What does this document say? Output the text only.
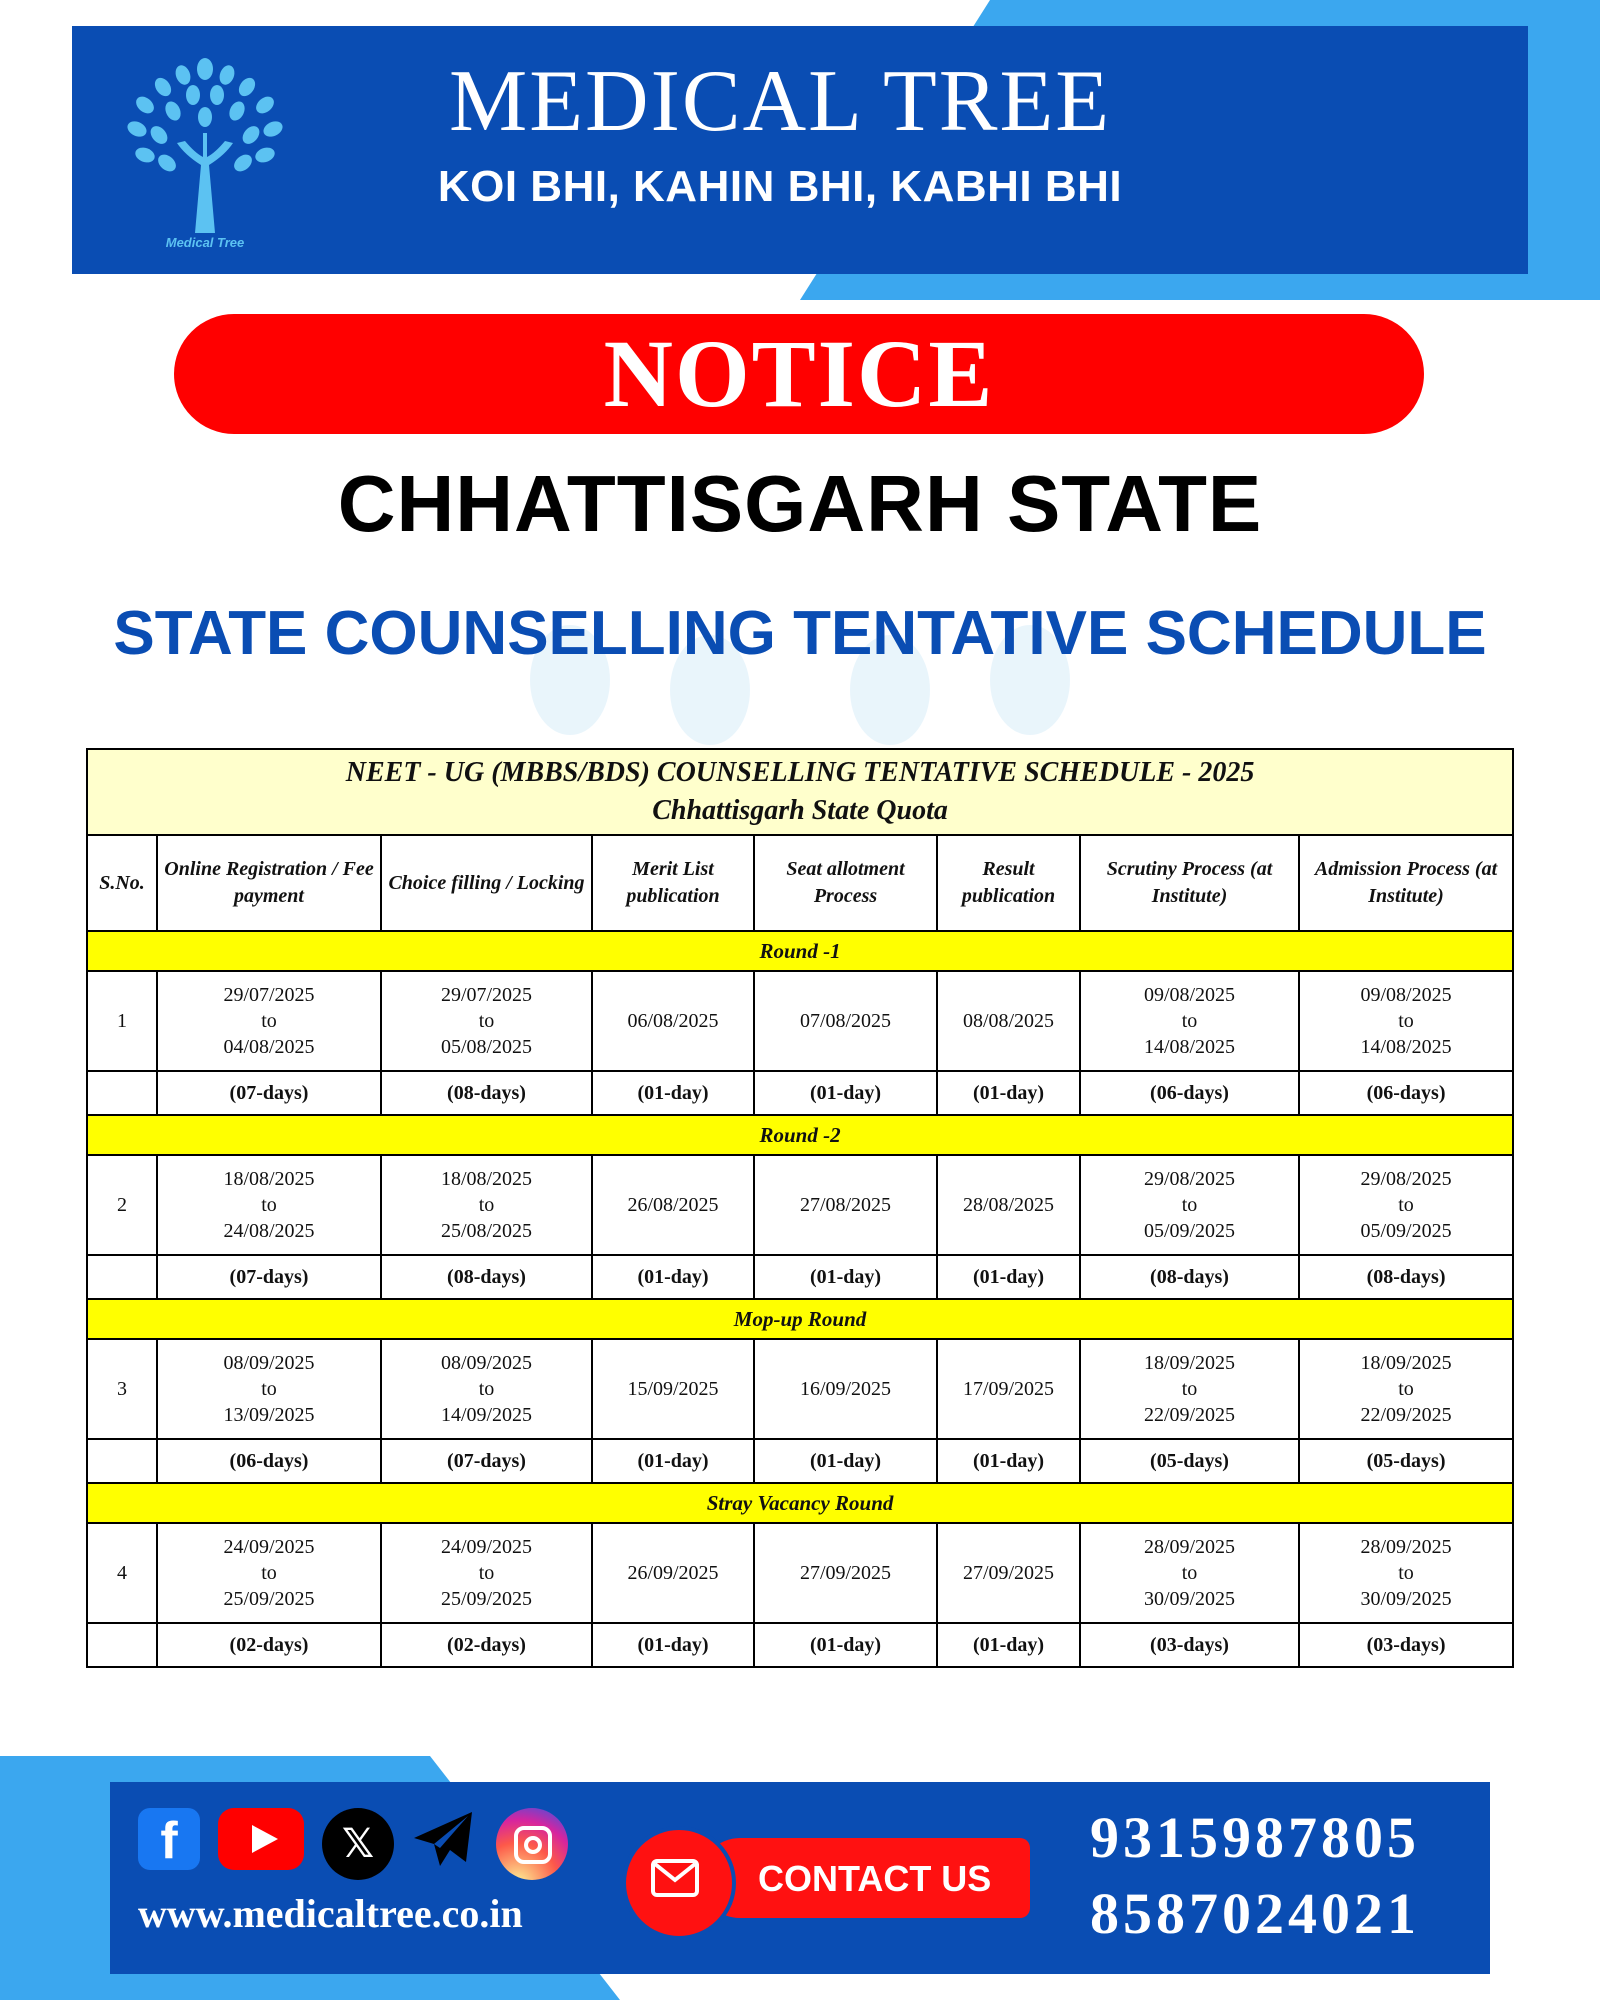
Medical Tree
MEDICAL TREE
KOI BHI, KAHIN BHI, KABHI BHI
NOTICE
CHHATTISGARH STATE
STATE COUNSELLING TENTATIVE SCHEDULE
NEET - UG (MBBS/BDS) COUNSELLING TENTATIVE SCHEDULE - 2025
Chhattisgarh State Quota							

S.No.	Online Registration / Fee payment	Choice filling / Locking	Merit List publication	Seat allotment Process	Result publication	Scrutiny Process (at Institute)	Admission Process (at Institute)
Round -1							
1	29/07/2025
to
04/08/2025	29/07/2025
to
05/08/2025	06/08/2025	07/08/2025	08/08/2025	09/08/2025
to
14/08/2025	09/08/2025
to
14/08/2025

	(07-days)	(08-days)	(01-day)	(01-day)	(01-day)	(06-days)	(06-days)
Round -2							
2	18/08/2025
to
24/08/2025	18/08/2025
to
25/08/2025	26/08/2025	27/08/2025	28/08/2025	29/08/2025
to
05/09/2025	29/08/2025
to
05/09/2025

	(07-days)	(08-days)	(01-day)	(01-day)	(01-day)	(08-days)	(08-days)
Mop-up Round							
3	08/09/2025
to
13/09/2025	08/09/2025
to
14/09/2025	15/09/2025	16/09/2025	17/09/2025	18/09/2025
to
22/09/2025	18/09/2025
to
22/09/2025

	(06-days)	(07-days)	(01-day)	(01-day)	(01-day)	(05-days)	(05-days)
Stray Vacancy Round							
4	24/09/2025
to
25/09/2025	24/09/2025
to
25/09/2025	26/09/2025	27/09/2025	27/09/2025	28/09/2025
to
30/09/2025	28/09/2025
to
30/09/2025

	(02-days)	(02-days)	(01-day)	(01-day)	(01-day)	(03-days)	(03-days)
f	𝕏
www.medicaltree.co.in
CONTACT US
9315987805
8587024021
